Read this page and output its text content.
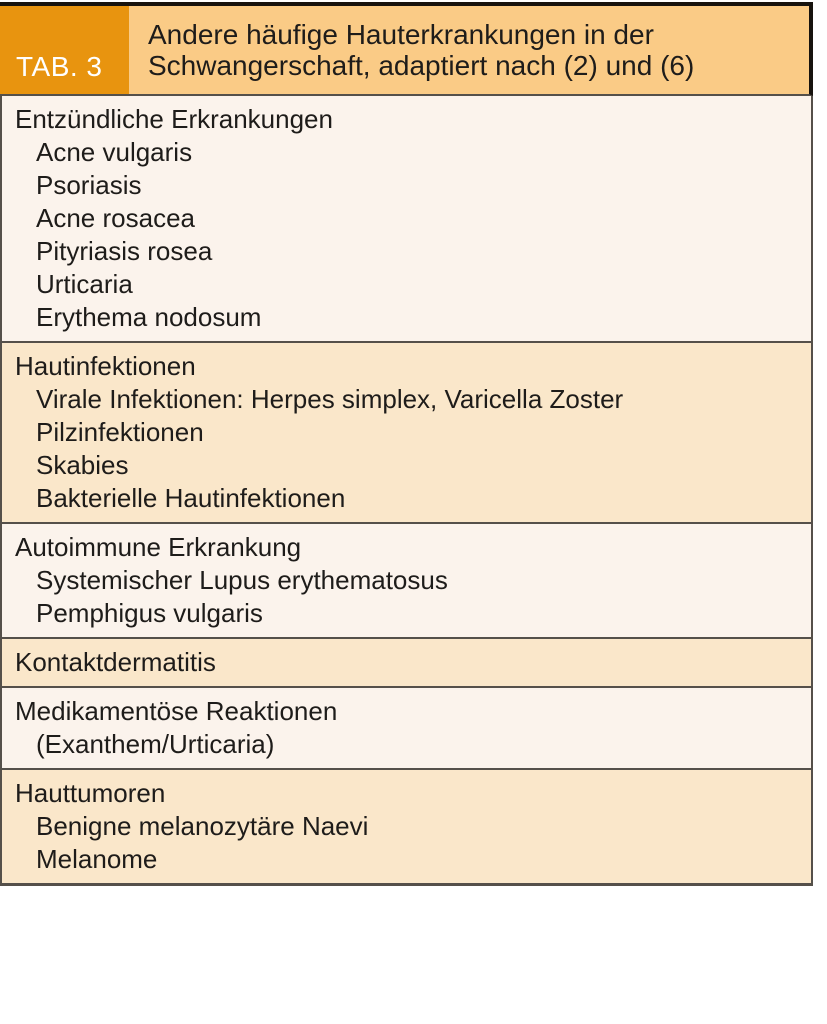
TAB. 3
Andere häufige Hauterkrankungen in der Schwangerschaft, adaptiert nach (2) und (6)
Entzündliche Erkrankungen
Acne vulgaris
Psoriasis
Acne rosacea
Pityriasis rosea
Urticaria
Erythema nodosum
Hautinfektionen
Virale Infektionen: Herpes simplex, Varicella Zoster
Pilzinfektionen
Skabies
Bakterielle Hautinfektionen
Autoimmune Erkrankung
Systemischer Lupus erythematosus
Pemphigus vulgaris
Kontaktdermatitis
Medikamentöse Reaktionen
(Exanthem/Urticaria)
Hauttumoren
Benigne melanozytäre Naevi
Melanome
